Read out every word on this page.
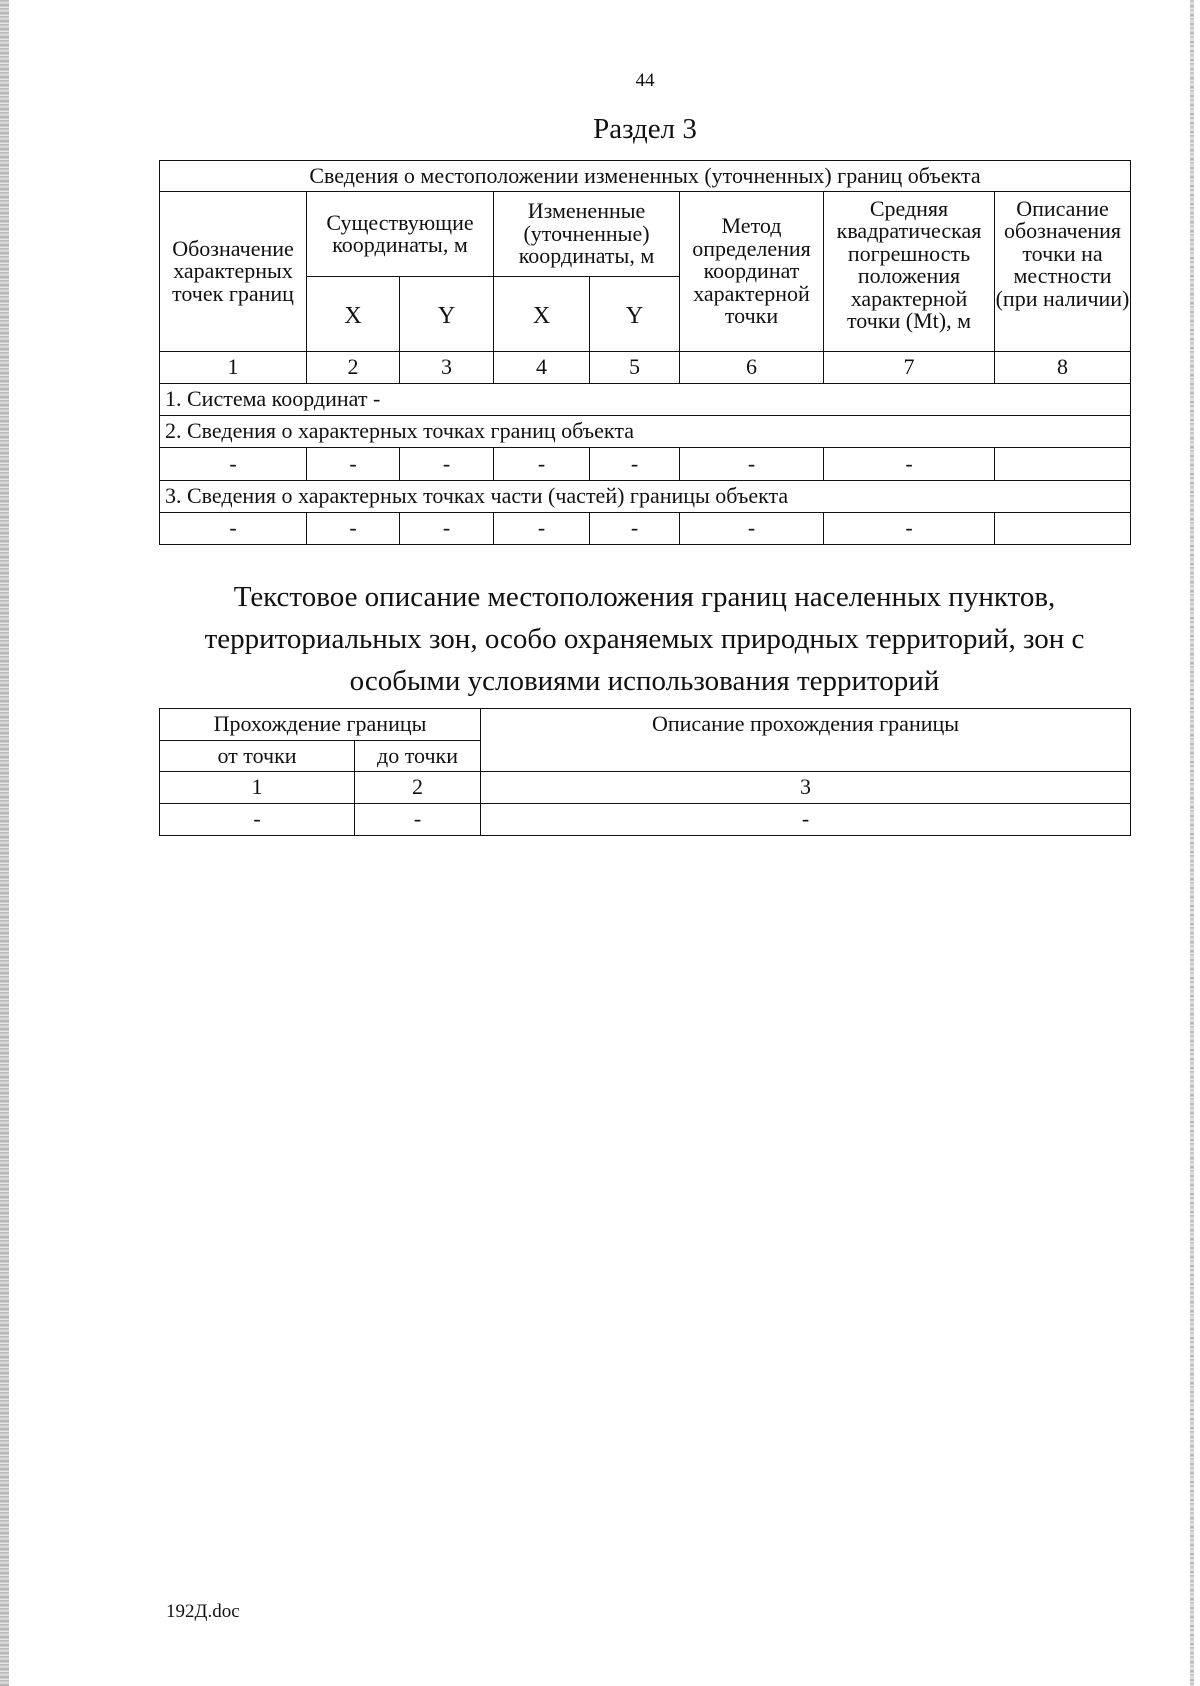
44
Раздел 3
Сведения о местоположении измененных (уточненных) границ объекта							
Обозначение характерных точек границ	Существующие координаты, м		Измененные (уточненные) координаты, м		Метод определения координат характерной точки	Средняя квадратическая погрешность положения характерной точки (Мt), м	Описание обозначения точки на местности (при наличии)
	X	Y	X	Y			
1	2	3	4	5	6	7	8
1. Система координат -							
2. Сведения о характерных точках границ объекта							
-	-	-	-	-	-	-	
3. Сведения о характерных точках части (частей) границы объекта							
-	-	-	-	-	-	-	
Текстовое описание местоположения границ населенных пунктов,
территориальных зон, особо охраняемых природных территорий, зон с
особыми условиями использования территорий
Прохождение границы		Описание прохождения границы
от точки	до точки	
1	2	3
-	-	-
192Д.doc
